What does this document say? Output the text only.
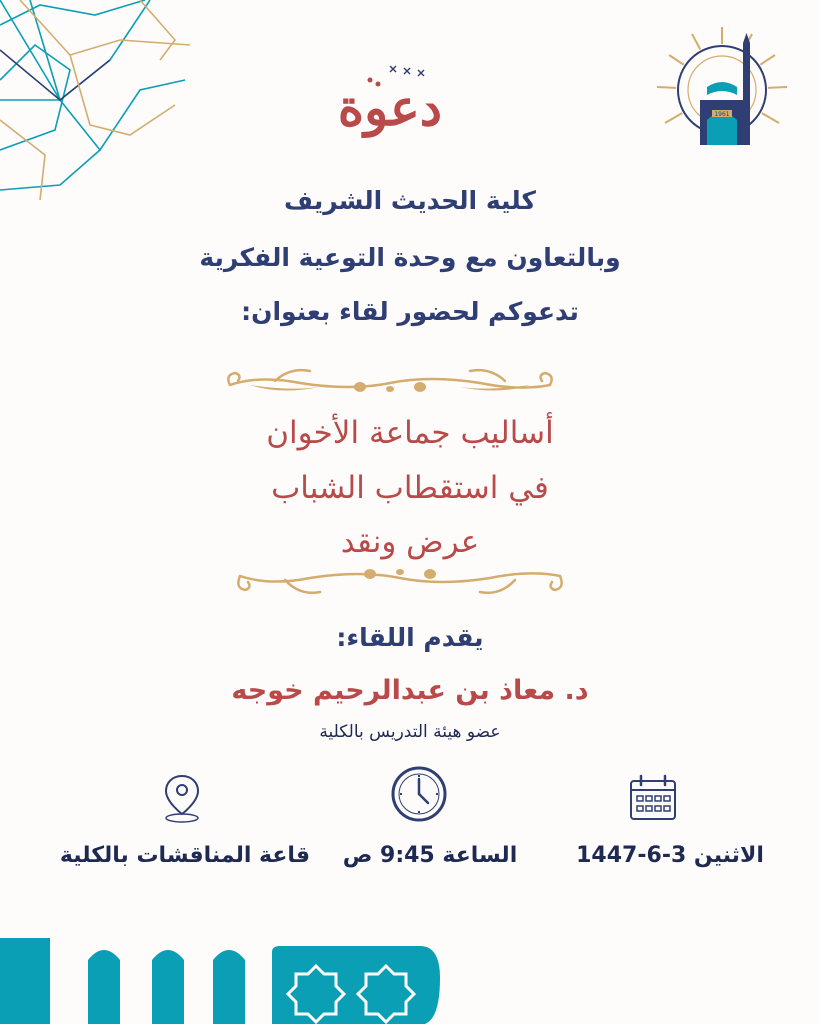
1961
دعوة
كلية الحديث الشريف
وبالتعاون مع وحدة التوعية الفكرية
تدعوكم لحضور لقاء بعنوان:
أساليب جماعة الأخوان
في استقطاب الشباب
عرض ونقد
يقدم اللقاء:
د. معاذ بن عبدالرحيم خوجه
عضو هيئة التدريس بالكلية
الاثنين 3-6-1447
الساعة 9:45 ص
قاعة المناقشات بالكلية
